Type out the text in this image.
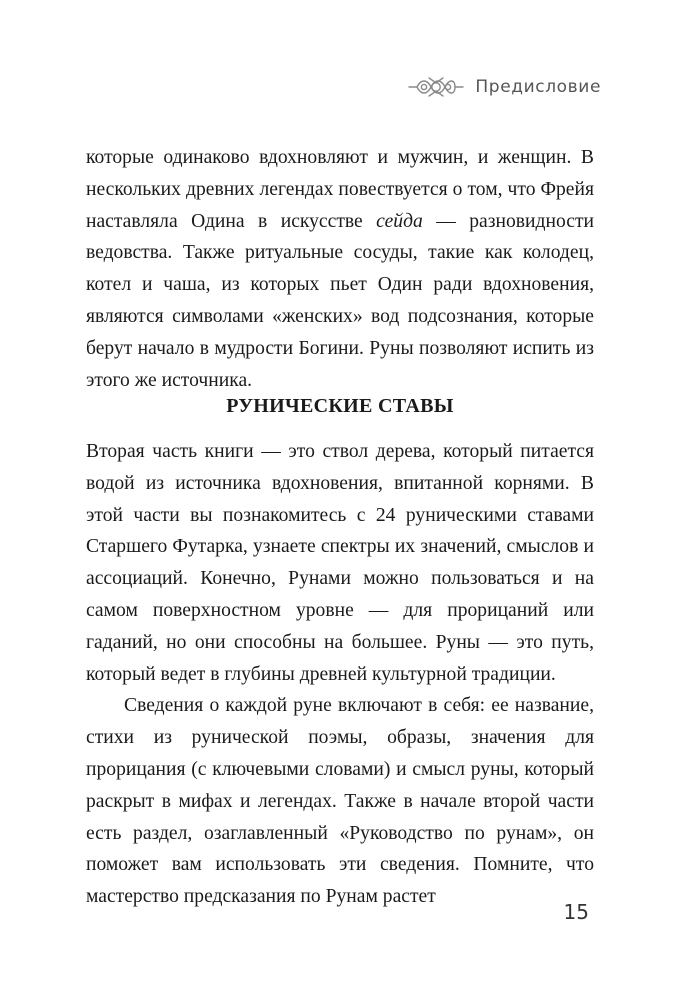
Предисловие

которые одинаково вдохновляют и мужчин, и женщин. В нескольких древних легендах повествуется о том, что Фрейя наставляла Одина в искусстве сейда — разновидности ведовства. Также ритуальные сосуды, такие как колодец, котел и чаша, из которых пьет Один ради вдохновения, являются символами «женских» вод подсознания, которые берут начало в мудрости Богини. Руны позволяют испить из этого же источника.

РУНИЧЕСКИЕ СТАВЫ

Вторая часть книги — это ствол дерева, который питается водой из источника вдохновения, впитанной корнями. В этой части вы познакомитесь с 24 руническими ставами Старшего Футарка, узнаете спектры их значений, смыслов и ассоциаций. Конечно, Рунами можно пользоваться и на самом поверхностном уровне — для прорицаний или гаданий, но они способны на большее. Руны — это путь, который ведет в глубины древней культурной традиции.

Сведения о каждой руне включают в себя: ее название, стихи из рунической поэмы, образы, значения для прорицания (с ключевыми словами) и смысл руны, который раскрыт в мифах и легендах. Также в начале второй части есть раздел, озаглавленный «Руководство по рунам», он поможет вам использовать эти сведения. Помните, что мастерство предсказания по Рунам растет

15
